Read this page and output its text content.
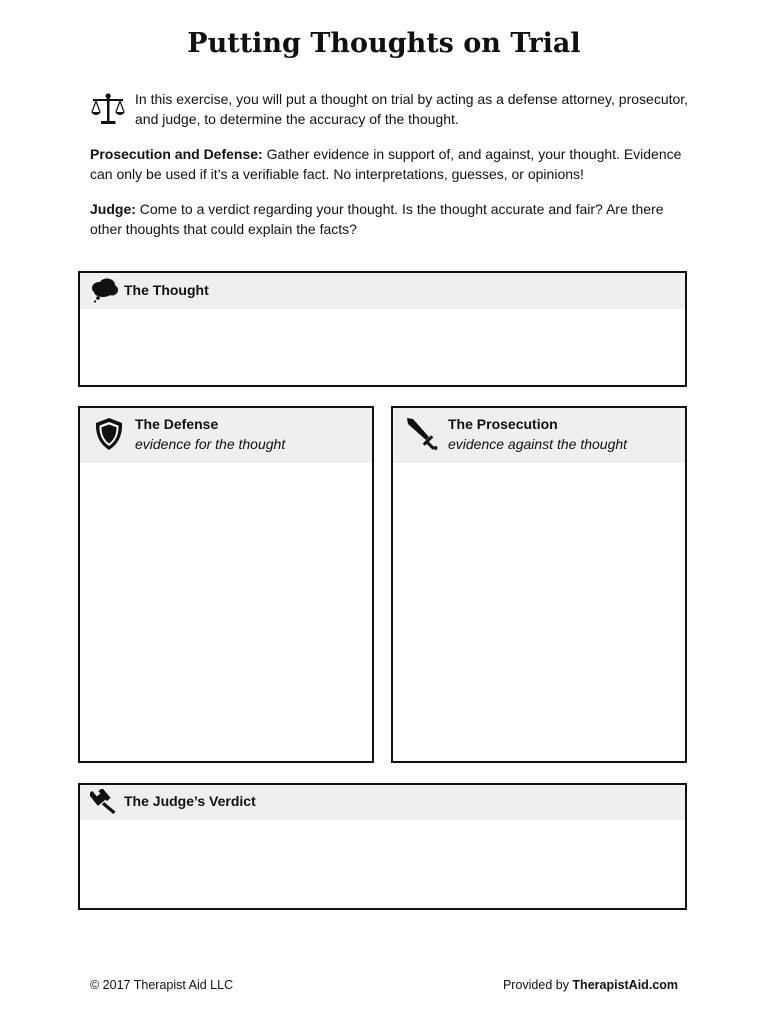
Putting Thoughts on Trial
In this exercise, you will put a thought on trial by acting as a defense attorney, prosecutor, and judge, to determine the accuracy of the thought.
Prosecution and Defense: Gather evidence in support of, and against, your thought. Evidence can only be used if it’s a verifiable fact. No interpretations, guesses, or opinions!
Judge: Come to a verdict regarding your thought. Is the thought accurate and fair? Are there other thoughts that could explain the facts?
The Thought
The Defense
evidence for the thought
The Prosecution
evidence against the thought
The Judge’s Verdict
© 2017 Therapist Aid LLC	Provided by TherapistAid.com
